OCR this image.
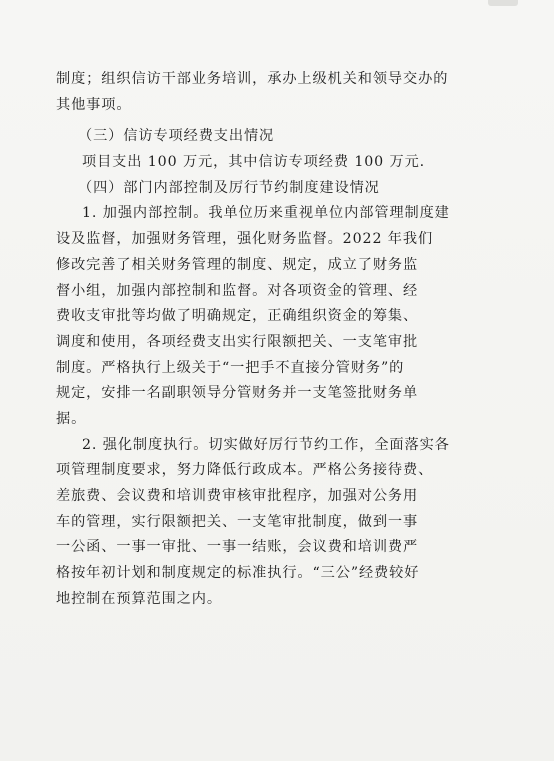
制度；组织信访干部业务培训，承办上级机关和领导交办的
其他事项。
（三）信访专项经费支出情况
项目支出 100 万元，其中信访专项经费 100 万元.
（四）部门内部控制及厉行节约制度建设情况
1. 加强内部控制。我单位历来重视单位内部管理制度建
设及监督，加强财务管理，强化财务监督。2022 年我们
修改完善了相关财务管理的制度、规定，成立了财务监
督小组，加强内部控制和监督。对各项资金的管理、经
费收支审批等均做了明确规定，正确组织资金的筹集、
调度和使用，各项经费支出实行限额把关、一支笔审批
制度。严格执行上级关于“一把手不直接分管财务”的
规定，安排一名副职领导分管财务并一支笔签批财务单
据。
2. 强化制度执行。切实做好厉行节约工作，全面落实各
项管理制度要求，努力降低行政成本。严格公务接待费、
差旅费、会议费和培训费审核审批程序，加强对公务用
车的管理，实行限额把关、一支笔审批制度，做到一事
一公函、一事一审批、一事一结账，会议费和培训费严
格按年初计划和制度规定的标准执行。“三公”经费较好
地控制在预算范围之内。
